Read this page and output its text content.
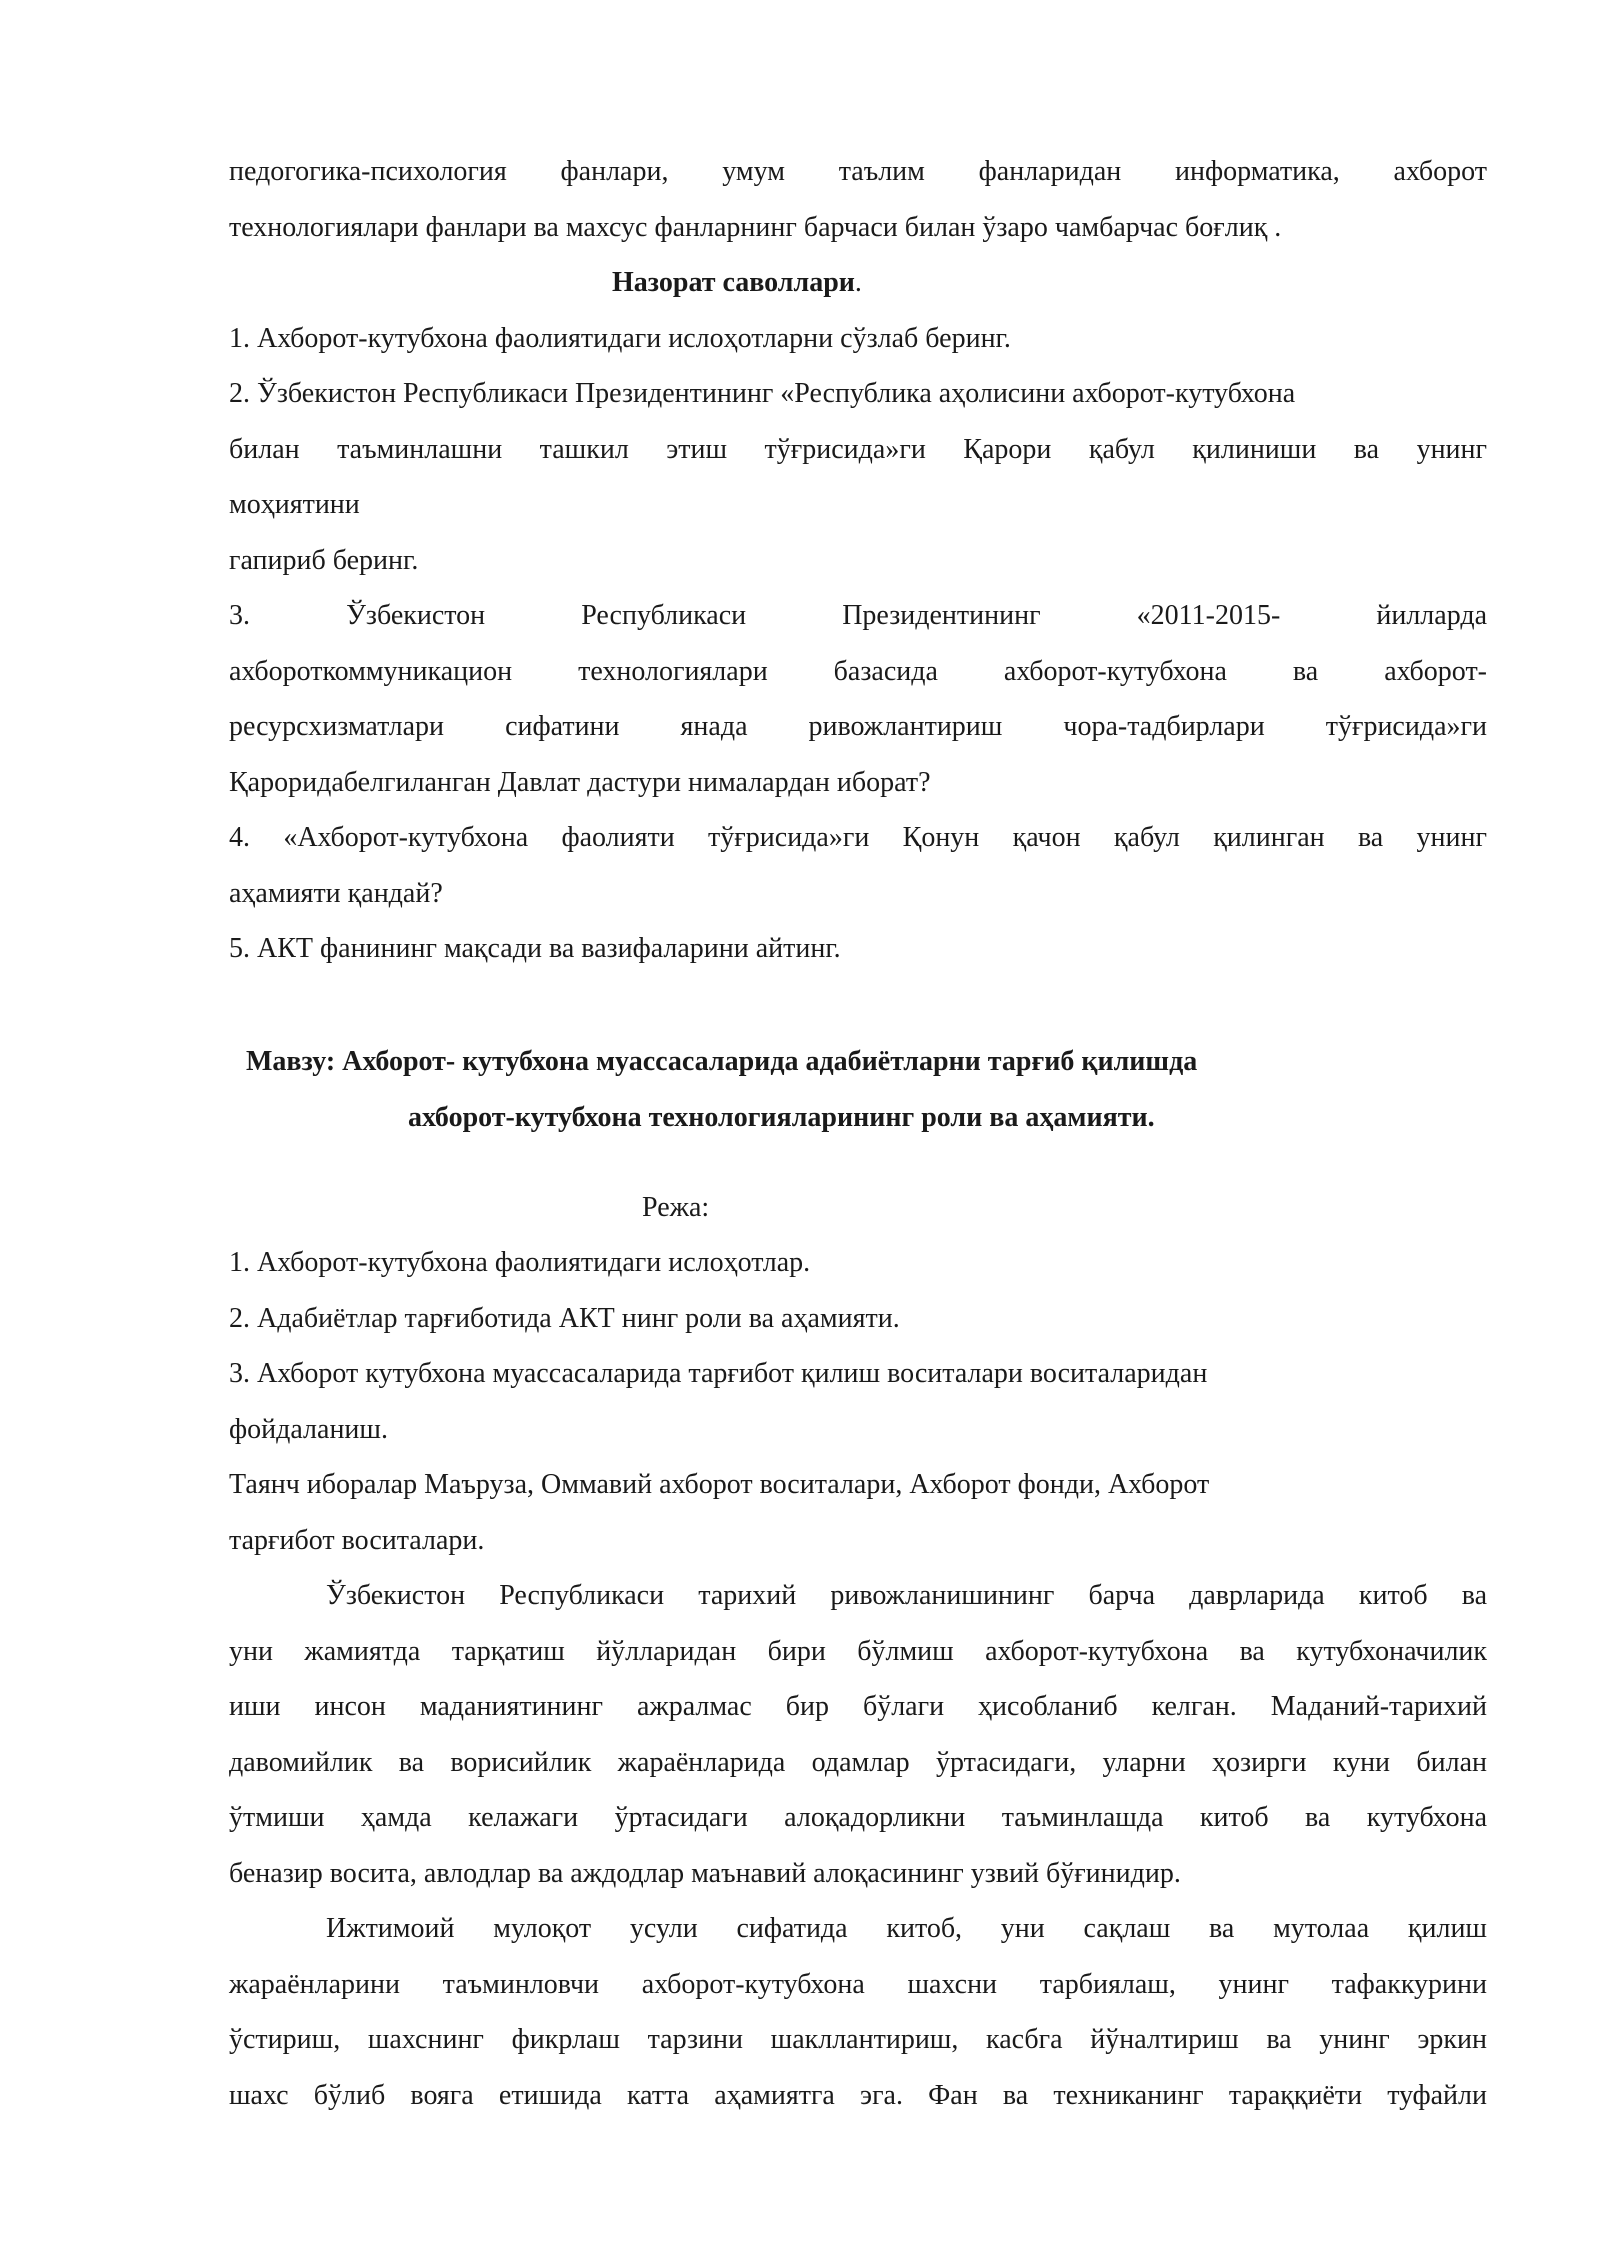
педогогика-психология фанлари, умум таълим фанларидан информатика, ахборот
технологиялари фанлари ва махсус фанларнинг барчаси билан ўзаро чамбарчас боғлиқ .
Назорат саволлари.
1. Ахборот-кутубхона фаолиятидаги ислоҳотларни сўзлаб беринг.
2. Ўзбекистон Республикаси Президентининг «Республика аҳолисини ахборот-кутубхона
билан таъминлашни ташкил этиш тўғрисида»ги Қарори қабул қилиниши ва унинг
моҳиятини
гапириб беринг.
3. Ўзбекистон Республикаси Президентининг «2011-2015- йилларда
ахбороткоммуникацион технологиялари базасида ахборот-кутубхона ва ахборот-
ресурсхизматлари сифатини янада ривожлантириш чора-тадбирлари тўғрисида»ги
Қароридабелгиланган Давлат дастури нималардан иборат?
4. «Ахборот-кутубхона фаолияти тўғрисида»ги Қонун қачон қабул қилинган ва унинг
аҳамияти қандай?
5. АКТ фанининг мақсади ва вазифаларини айтинг.
Мавзу: Ахборот- кутубхона муассасаларида адабиётларни тарғиб қилишда
ахборот-кутубхона технологияларининг роли ва аҳамияти.
Режа:
1. Ахборот-кутубхона фаолиятидаги ислоҳотлар.
2. Адабиётлар тарғиботида АКТ нинг роли ва аҳамияти.
3. Ахборот кутубхона муассасаларида тарғибот қилиш воситалари воситаларидан
фойдаланиш.
Таянч иборалар Маъруза, Оммавий ахборот воситалари, Ахборот фонди, Ахборот
тарғибот воситалари.
Ўзбекистон Республикаси тарихий ривожланишининг барча даврларида китоб ва
уни жамиятда тарқатиш йўлларидан бири бўлмиш ахборот-кутубхона ва кутубхоначилик
иши инсон маданиятининг ажралмас бир бўлаги ҳисобланиб келган. Маданий-тарихий
давомийлик ва ворисийлик жараёнларида одамлар ўртасидаги, уларни ҳозирги куни билан
ўтмиши ҳамда келажаги ўртасидаги алоқадорликни таъминлашда китоб ва кутубхона
беназир восита, авлодлар ва аждодлар маънавий алоқасининг узвий бўғинидир.
Ижтимоий мулоқот усули сифатида китоб, уни сақлаш ва мутолаа қилиш
жараёнларини таъминловчи ахборот-кутубхона шахсни тарбиялаш, унинг тафаккурини
ўстириш, шахснинг фикрлаш тарзини шакллантириш, касбга йўналтириш ва унинг эркин
шахс бўлиб вояга етишида катта аҳамиятга эга. Фан ва техниканинг тараққиёти туфайли
